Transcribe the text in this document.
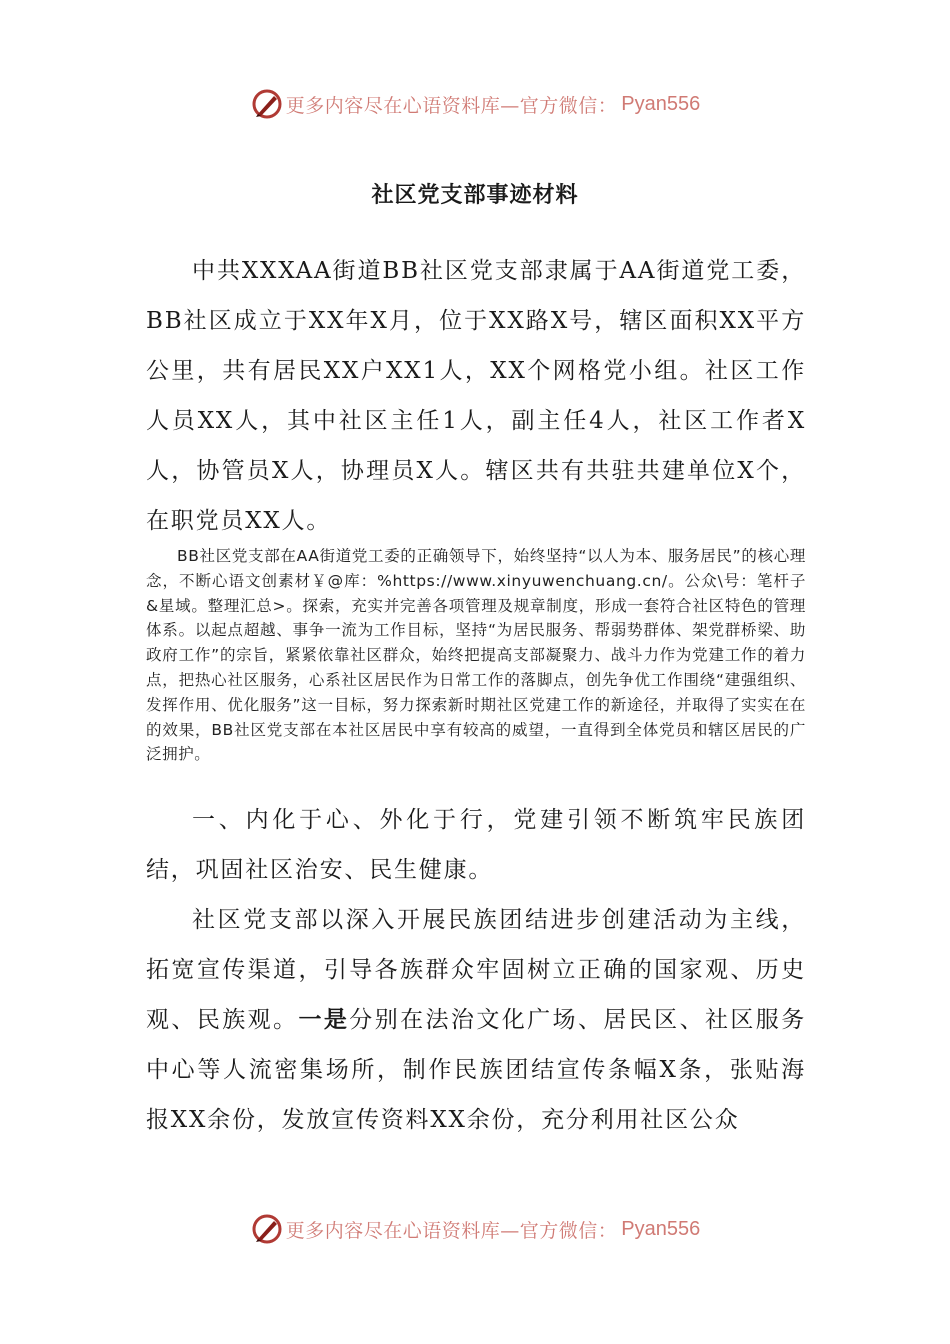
更多内容尽在心语资料库—官方微信： Pyan556
社区党支部事迹材料

中共XXXAA街道BB社区党支部隶属于AA街道党工委，BB社区成立于XX年X月，位于XX路X号，辖区面积XX平方公里，共有居民XX户XX1人，XX个网格党小组。社区工作人员XX人，其中社区主任1人，副主任4人，社区工作者X人，协管员X人，协理员X人。辖区共有共驻共建单位X个，在职党员XX人。

BB社区党支部在AA街道党工委的正确领导下，始终坚持“以人为本、服务居民”的核心理念，不断心语文创素材￥@库：%https://www.xinyuwenchuang.cn/。公众\号：笔杆子&星域。整理汇总>。探索，充实并完善各项管理及规章制度，形成一套符合社区特色的管理体系。以起点超越、事争一流为工作目标，坚持“为居民服务、帮弱势群体、架党群桥梁、助政府工作”的宗旨，紧紧依靠社区群众，始终把提高支部凝聚力、战斗力作为党建工作的着力点，把热心社区服务，心系社区居民作为日常工作的落脚点，创先争优工作围绕“建强组织、发挥作用、优化服务”这一目标，努力探索新时期社区党建工作的新途径，并取得了实实在在的效果，BB社区党支部在本社区居民中享有较高的威望，一直得到全体党员和辖区居民的广泛拥护。

一、内化于心、外化于行，党建引领不断筑牢民族团结，巩固社区治安、民生健康。

社区党支部以深入开展民族团结进步创建活动为主线，拓宽宣传渠道，引导各族群众牢固树立正确的国家观、历史观、民族观。一是分别在法治文化广场、居民区、社区服务中心等人流密集场所，制作民族团结宣传条幅X条，张贴海报XX余份，发放宣传资料XX余份，充分利用社区公众

更多内容尽在心语资料库—官方微信： Pyan556
